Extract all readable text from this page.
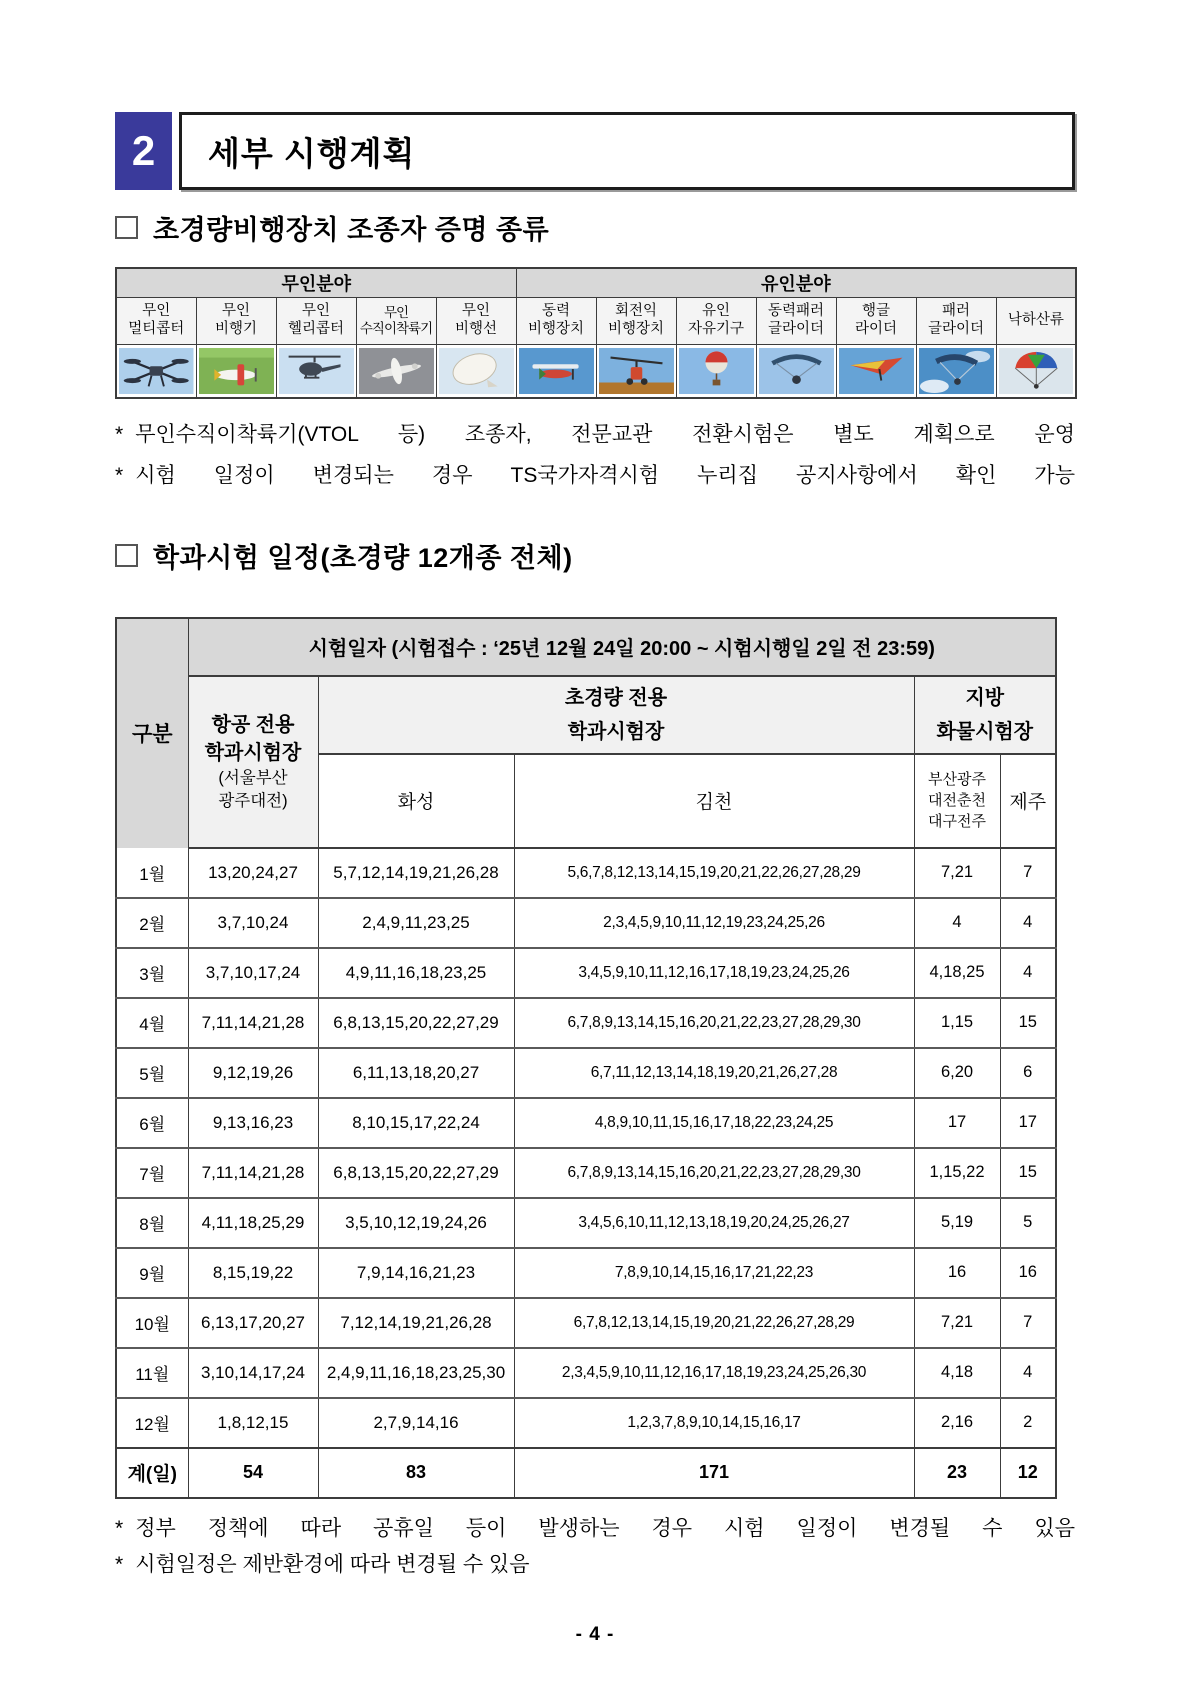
2	세부 시행계획
초경량비행장치 조종자 증명 종류
무인분야					유인분야						

무인
멀티콥터

무인
비행기

무인
헬리콥터

무인
수직이착륙기

무인
비행선

동력
비행장치

회전익
비행장치

유인
자유기구

동력패러
글라이더

행글
라이더

패러
글라이더

낙하산류

* 무인수직이착륙기(VTOL 등) 조종자, 전문교관 전환시험은 별도 계획으로 운영
* 시험 일정이 변경되는 경우 TS국가자격시험 누리집 공지사항에서 확인 가능
학과시험 일정(초경량 12개종 전체)
구분	시험일자 (시험접수 : ‘25년 12월 24일 20:00 ~ 시험시행일 2일 전 23:59)				

항공 전용
학과시험장
(서울부산
광주대전)

초경량 전용
학과시험장

지방
화물시험장

		화성	김천	부산광주
대전춘천
대구전주	제주
1월	13,20,24,27	5,7,12,14,19,21,26,28	5,6,7,8,12,13,14,15,19,20,21,22,26,27,28,29	7,21	7
2월	3,7,10,24	2,4,9,11,23,25	2,3,4,5,9,10,11,12,19,23,24,25,26	4	4
3월	3,7,10,17,24	4,9,11,16,18,23,25	3,4,5,9,10,11,12,16,17,18,19,23,24,25,26	4,18,25	4
4월	7,11,14,21,28	6,8,13,15,20,22,27,29	6,7,8,9,13,14,15,16,20,21,22,23,27,28,29,30	1,15	15
5월	9,12,19,26	6,11,13,18,20,27	6,7,11,12,13,14,18,19,20,21,26,27,28	6,20	6
6월	9,13,16,23	8,10,15,17,22,24	4,8,9,10,11,15,16,17,18,22,23,24,25	17	17
7월	7,11,14,21,28	6,8,13,15,20,22,27,29	6,7,8,9,13,14,15,16,20,21,22,23,27,28,29,30	1,15,22	15
8월	4,11,18,25,29	3,5,10,12,19,24,26	3,4,5,6,10,11,12,13,18,19,20,24,25,26,27	5,19	5
9월	8,15,19,22	7,9,14,16,21,23	7,8,9,10,14,15,16,17,21,22,23	16	16
10월	6,13,17,20,27	7,12,14,19,21,26,28	6,7,8,12,13,14,15,19,20,21,22,26,27,28,29	7,21	7
11월	3,10,14,17,24	2,4,9,11,16,18,23,25,30	2,3,4,5,9,10,11,12,16,17,18,19,23,24,25,26,30	4,18	4
12월	1,8,12,15	2,7,9,14,16	1,2,3,7,8,9,10,14,15,16,17	2,16	2
계(일)	54	83	171	23	12
* 정부 정책에 따라 공휴일 등이 발생하는 경우 시험 일정이 변경될 수 있음
* 시험일정은 제반환경에 따라 변경될 수 있음
- 4 -
